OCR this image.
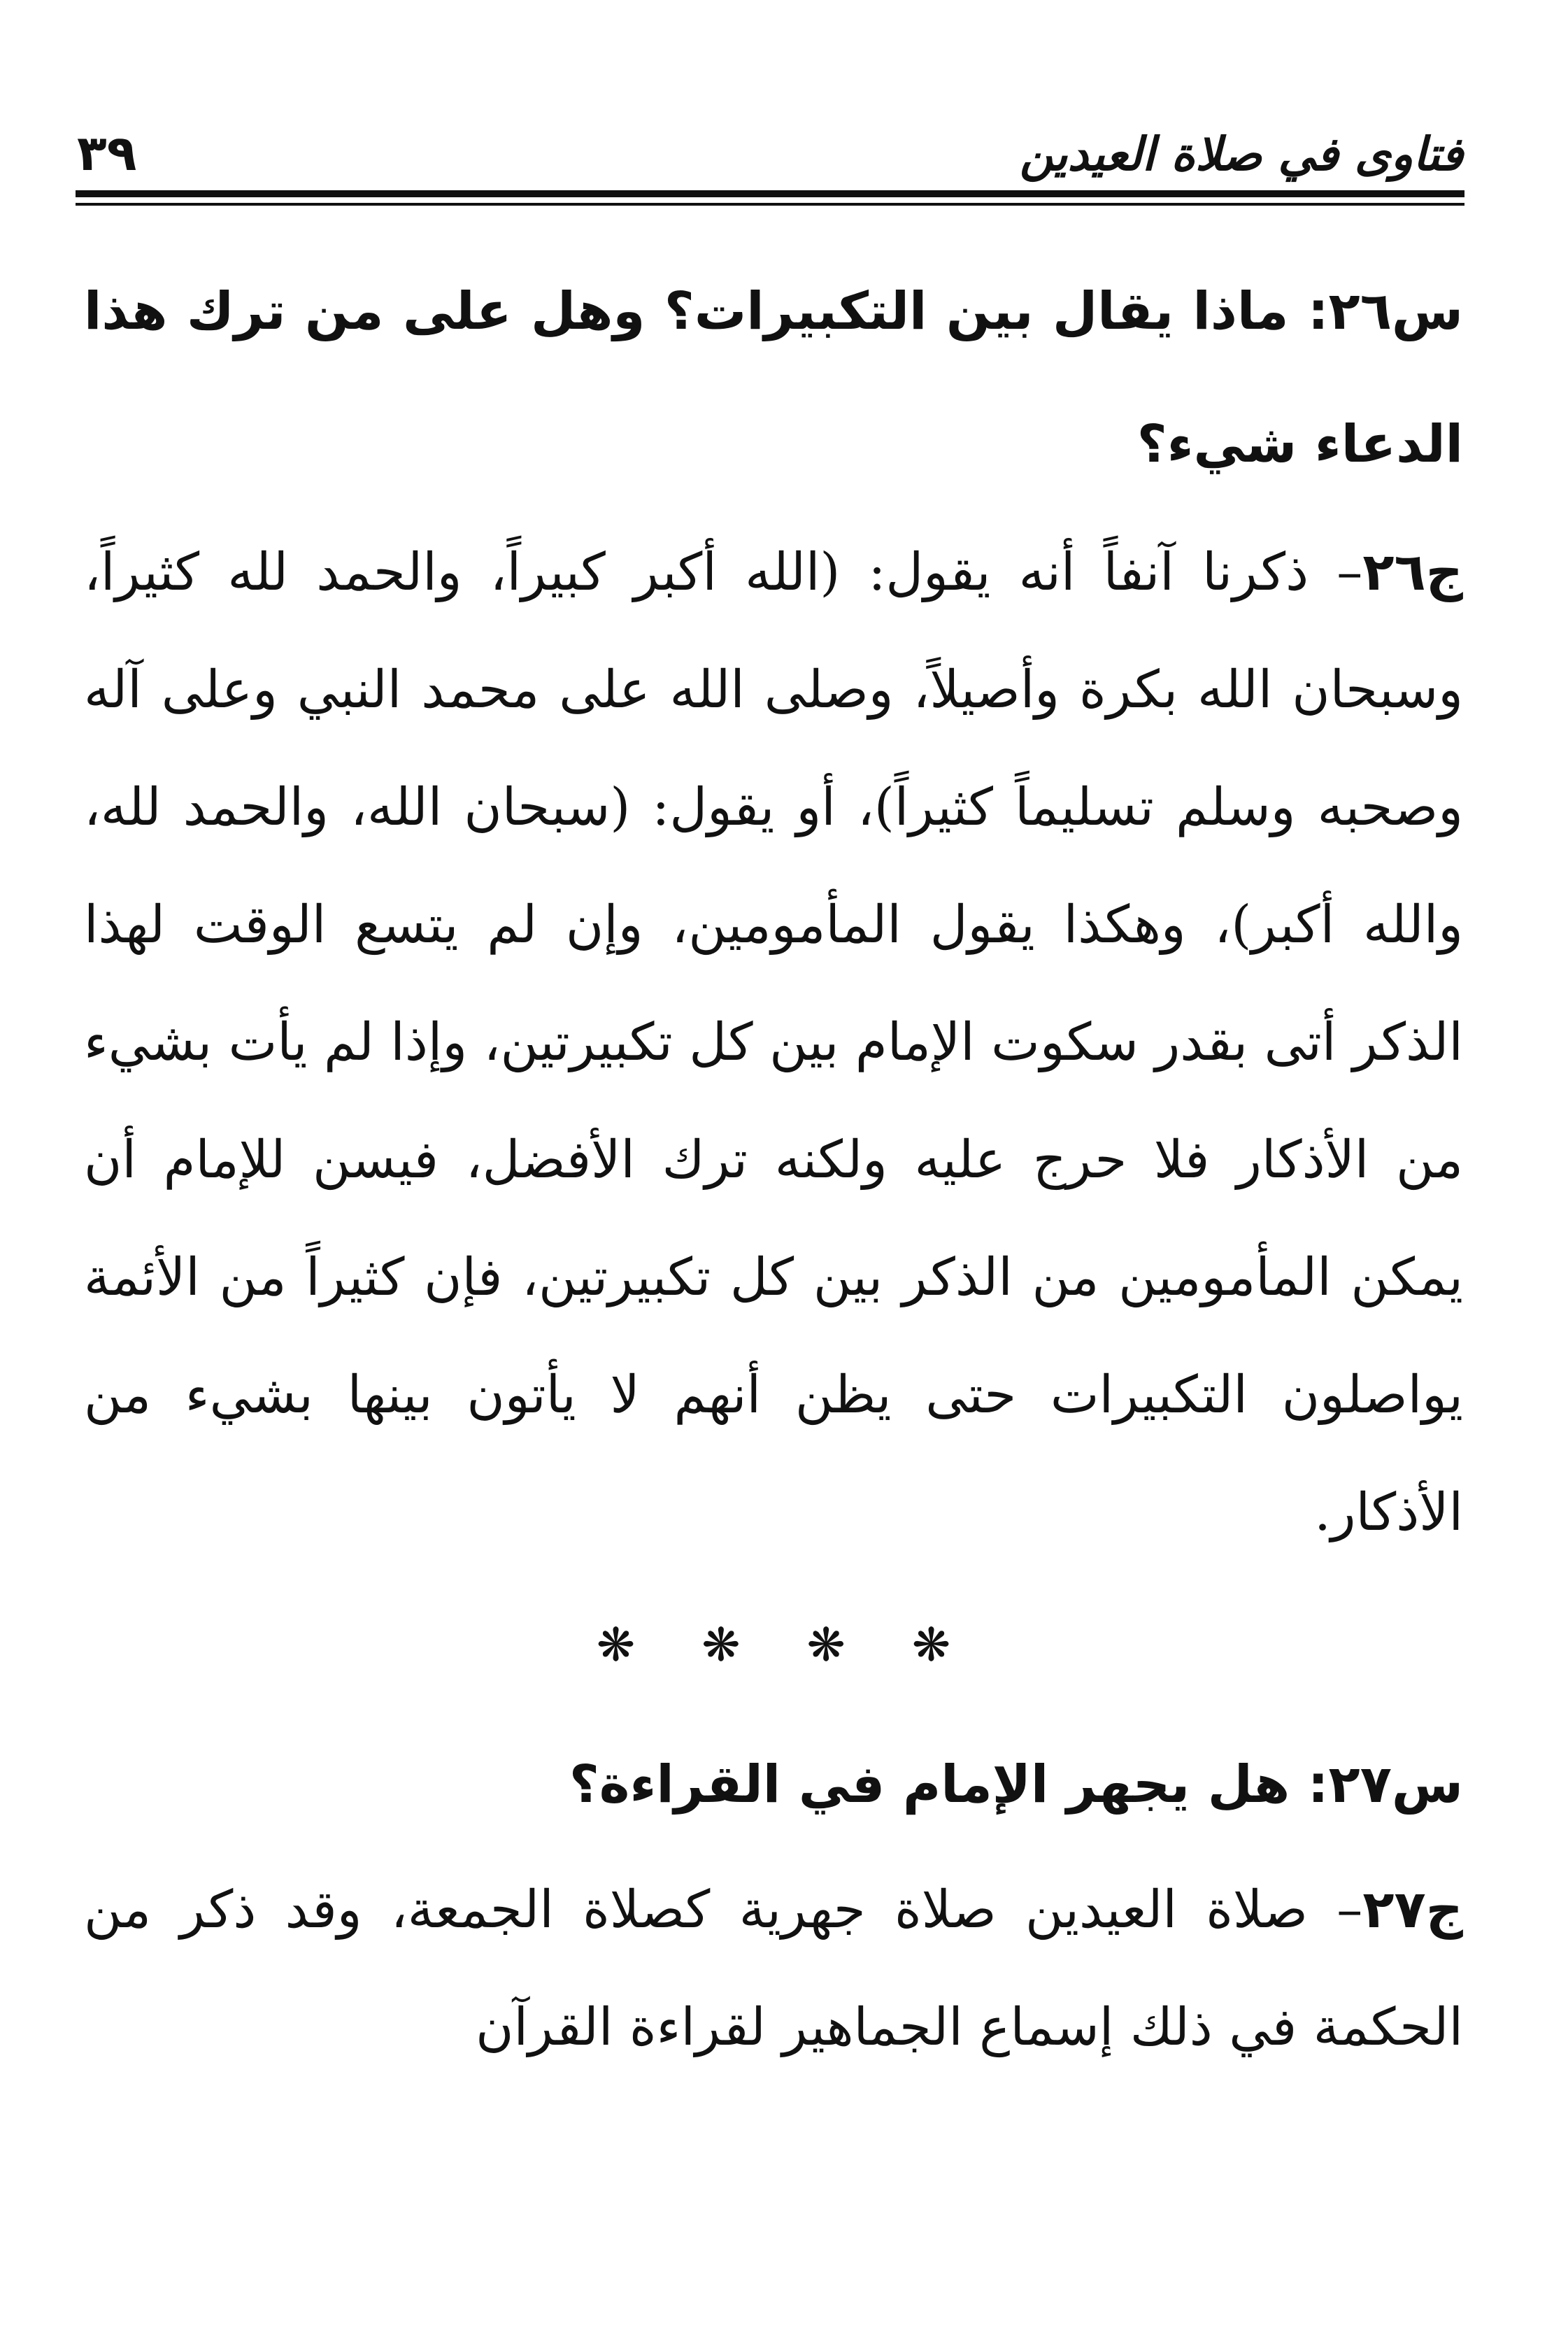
فتاوى في صلاة العيدين
٣٩

س٢٦: ماذا يقال بين التكبيرات؟ وهل على من ترك هذا الدعاء شيء؟

ج٢٦– ذكرنا آنفاً أنه يقول: (الله أكبر كبيراً، والحمد لله كثيراً، وسبحان الله بكرة وأصيلاً، وصلى الله على محمد النبي وعلى آله وصحبه وسلم تسليماً كثيراً)، أو يقول: (سبحان الله، والحمد لله، والله أكبر)، وهكذا يقول المأمومين، وإن لم يتسع الوقت لهذا الذكر أتى بقدر سكوت الإمام بين كل تكبيرتين، وإذا لم يأت بشيء من الأذكار فلا حرج عليه ولكنه ترك الأفضل، فيسن للإمام أن يمكن المأمومين من الذكر بين كل تكبيرتين، فإن كثيراً من الأئمة يواصلون التكبيرات حتى يظن أنهم لا يأتون بينها بشيء من الأذكار.

❋ ❋ ❋ ❋

س٢٧: هل يجهر الإمام في القراءة؟

ج٢٧– صلاة العيدين صلاة جهرية كصلاة الجمعة، وقد ذكر من الحكمة في ذلك إسماع الجماهير لقراءة القرآن
